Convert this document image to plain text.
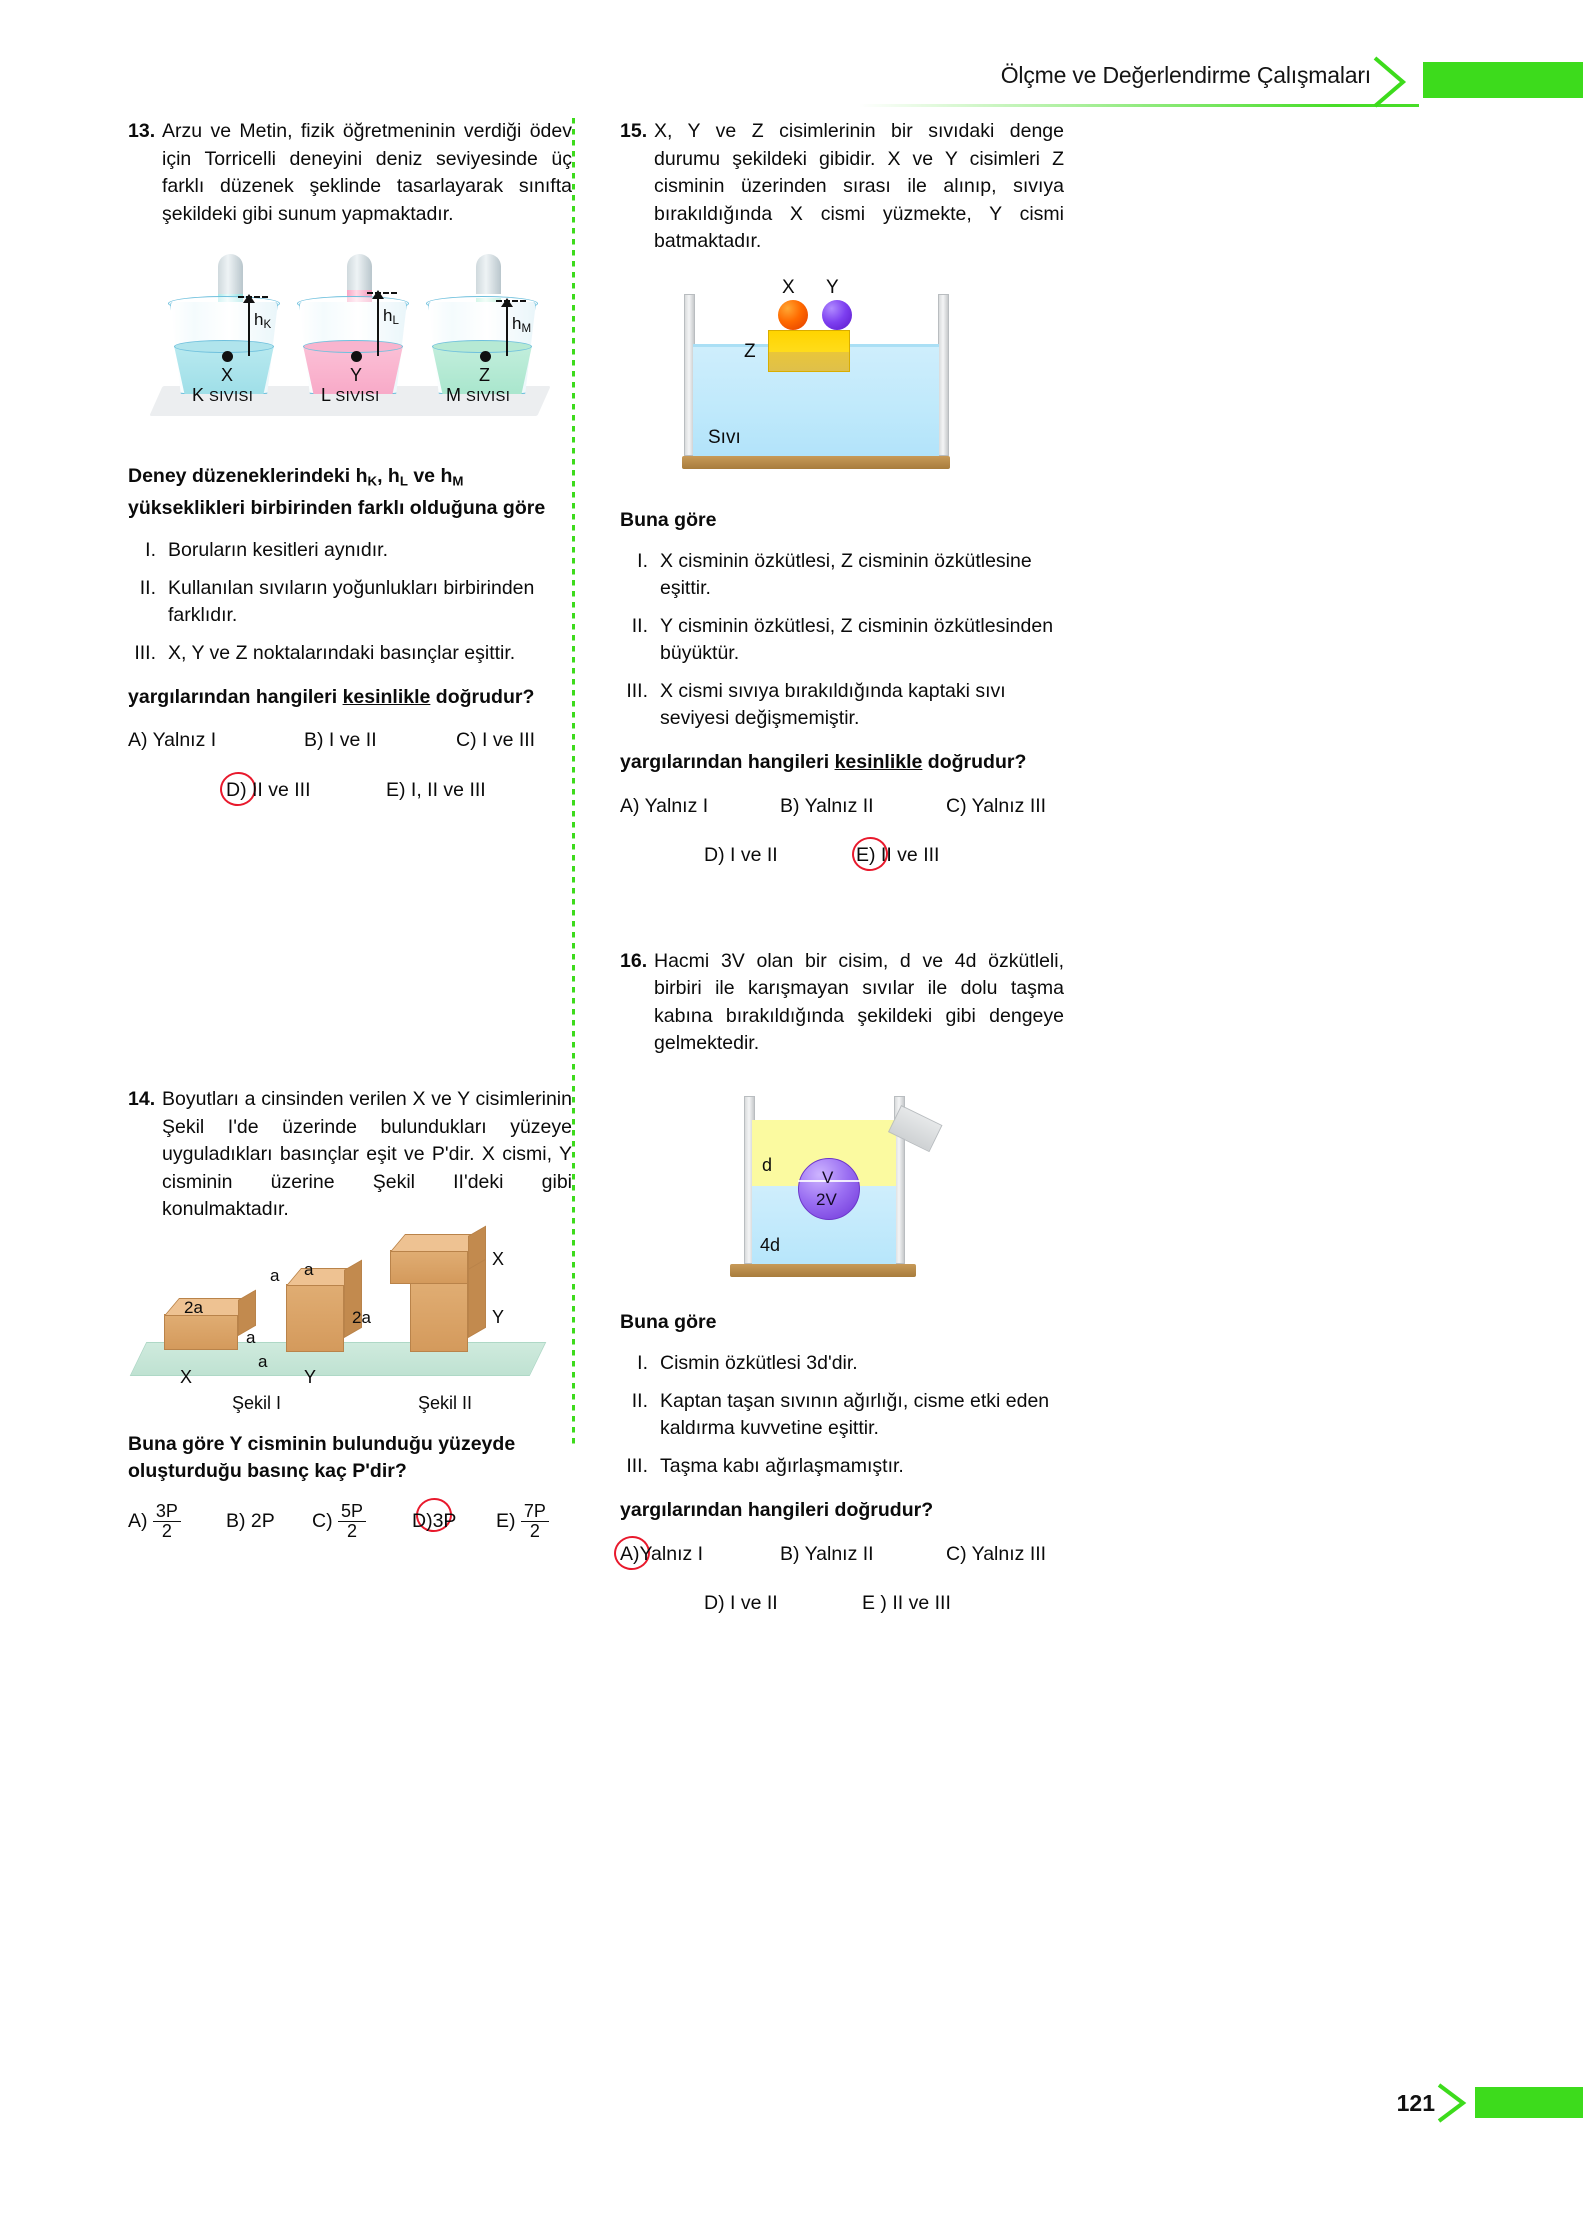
Ölçme ve Değerlendirme Çalışmaları
13. Arzu ve Metin, fizik öğretmeninin verdiği ödev için Torricelli deneyini deniz seviyesinde üç farklı düzenek şeklinde tasarlayarak sınıfta şekildeki gibi sunum yapmaktadır.
$h_K$
X
K SIVISI
$h_L$
Y
L SIVISI
$h_M$
Z
M SIVISI
Deney düzeneklerindeki $h_K$, $h_L$ ve $h_M$ yükseklikleri birbirinden farklı olduğuna göre
I. Boruların kesitleri aynıdır.
II. Kullanılan sıvıların yoğunlukları birbirinden farklıdır.
III. X, Y ve Z noktalarındaki basınçlar eşittir.
yargılarından hangileri kesinlikle doğrudur?
A) Yalnız I	B) I ve II	C) I ve III
D) II ve III	E) I, II ve III
14. Boyutları a cinsinden verilen X ve Y cisimlerinin Şekil I'de üzerinde bulundukları yüzeye uyguladıkları basınçlar eşit ve P'dir. X cismi, Y cisminin üzerine Şekil II'deki gibi konulmaktadır.
2a
a
X
a a
2a
a
Y
X
Y
Şekil I	Şekil II
Buna göre Y cisminin bulunduğu yüzeyde
oluşturduğu basınç kaç P'dir?
$A) \frac{3P}{2} B$) 2P	$C) \frac{5P}{2} D)3P$	$E) \frac{7P}{2}$
15. X, Y ve Z cisimlerinin bir sıvıdaki denge durumu şekildeki gibidir. X ve Y cisimleri Z cisminin üzerinden sırası ile alınıp, sıvıya bırakıldığında X cismi yüzmekte, Y cismi batmaktadır.
X Y
Z
Sıvı
Buna göre
I. X cisminin özkütlesi, Z cisminin özkütlesine eşittir.
II. Y cisminin özkütlesi, Z cisminin özkütlesinden büyüktür.
III. X cismi sıvıya bırakıldığında kaptaki sıvı seviyesi değişmemiştir.
yargılarından hangileri kesinlikle doğrudur?
A) Yalnız I	B) Yalnız II	C) Yalnız III
D) I ve II	E) II ve III
16. Hacmi 3V olan bir cisim, d ve 4d özkütleli, birbiri ile karışmayan sıvılar ile dolu taşma kabına bırakıldığında şekildeki gibi dengeye gelmektedir.
V
2V
d
4d
Buna göre
I. Cismin özkütlesi 3d'dir.
II. Kaptan taşan sıvının ağırlığı, cisme etki eden kaldırma kuvvetine eşittir.
III. Taşma kabı ağırlaşmamıştır.
yargılarından hangileri doğrudur?
A)Yalnız I	B) Yalnız II	C) Yalnız III
D) I ve II	E ) II ve III
121
